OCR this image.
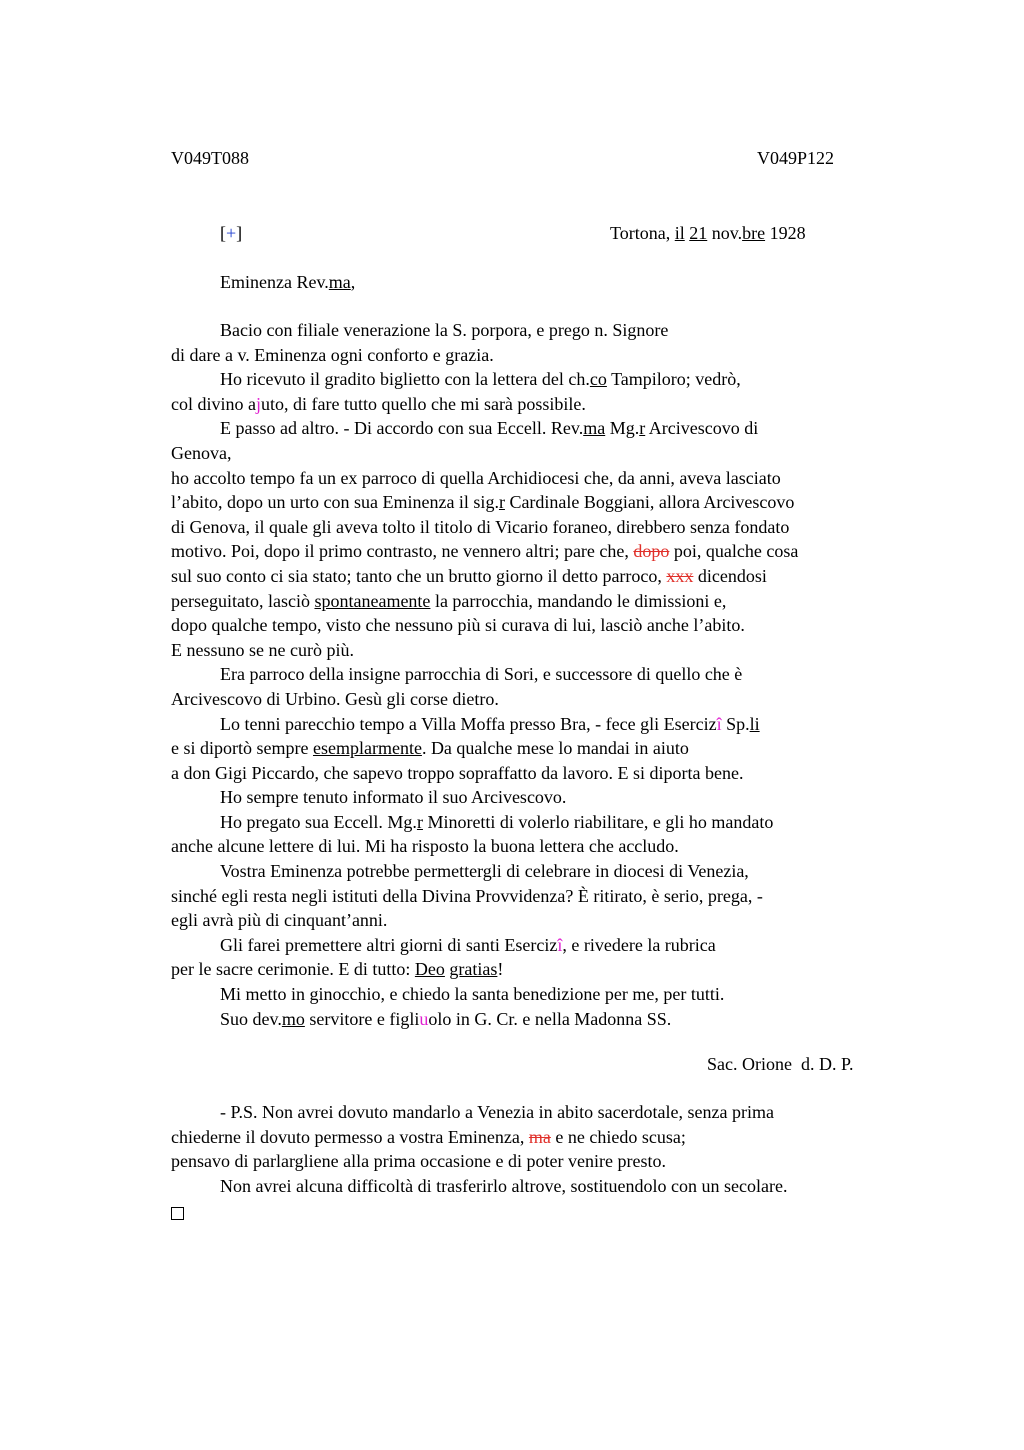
V049T088	V049P122
[+]	Tortona, il 21 nov.bre 1928
Eminenza Rev.ma,
Bacio con filiale venerazione la S. porpora, e prego n. Signore
di dare a v. Eminenza ogni conforto e grazia.
Ho ricevuto il gradito biglietto con la lettera del ch.co Tampiloro; vedrò,
col divino ajuto, di fare tutto quello che mi sarà possibile.
E passo ad altro. - Di accordo con sua Eccell. Rev.ma Mg.r Arcivescovo di
Genova,
ho accolto tempo fa un ex parroco di quella Archidiocesi che, da anni, aveva lasciato
l’abito, dopo un urto con sua Eminenza il sig.r Cardinale Boggiani, allora Arcivescovo
di Genova, il quale gli aveva tolto il titolo di Vicario foraneo, direbbero senza fondato
motivo. Poi, dopo il primo contrasto, ne vennero altri; pare che, dopo poi, qualche cosa
sul suo conto ci sia stato; tanto che un brutto giorno il detto parroco, xxx dicendosi
perseguitato, lasciò spontaneamente la parrocchia, mandando le dimissioni e,
dopo qualche tempo, visto che nessuno più si curava di lui, lasciò anche l’abito.
E nessuno se ne curò più.
Era parroco della insigne parrocchia di Sori, e successore di quello che è
Arcivescovo di Urbino. Gesù gli corse dietro.
Lo tenni parecchio tempo a Villa Moffa presso Bra, - fece gli Esercizî Sp.li
e si diportò sempre esemplarmente. Da qualche mese lo mandai in aiuto
a don Gigi Piccardo, che sapevo troppo sopraffatto da lavoro. E si diporta bene.
Ho sempre tenuto informato il suo Arcivescovo.
Ho pregato sua Eccell. Mg.r Minoretti di volerlo riabilitare, e gli ho mandato
anche alcune lettere di lui. Mi ha risposto la buona lettera che accludo.
Vostra Eminenza potrebbe permettergli di celebrare in diocesi di Venezia,
sinché egli resta negli istituti della Divina Provvidenza? È ritirato, è serio, prega, -
egli avrà più di cinquant’anni.
Gli farei premettere altri giorni di santi Esercizî, e rivedere la rubrica
per le sacre cerimonie. E di tutto: Deo gratias!
Mi metto in ginocchio, e chiedo la santa benedizione per me, per tutti.
Suo dev.mo servitore e figliuolo in G. Cr. e nella Madonna SS.
Sac. Orione  d. D. P.
- P.S. Non avrei dovuto mandarlo a Venezia in abito sacerdotale, senza prima
chiederne il dovuto permesso a vostra Eminenza, ma e ne chiedo scusa;
pensavo di parlargliene alla prima occasione e di poter venire presto.
Non avrei alcuna difficoltà di trasferirlo altrove, sostituendolo con un secolare.
